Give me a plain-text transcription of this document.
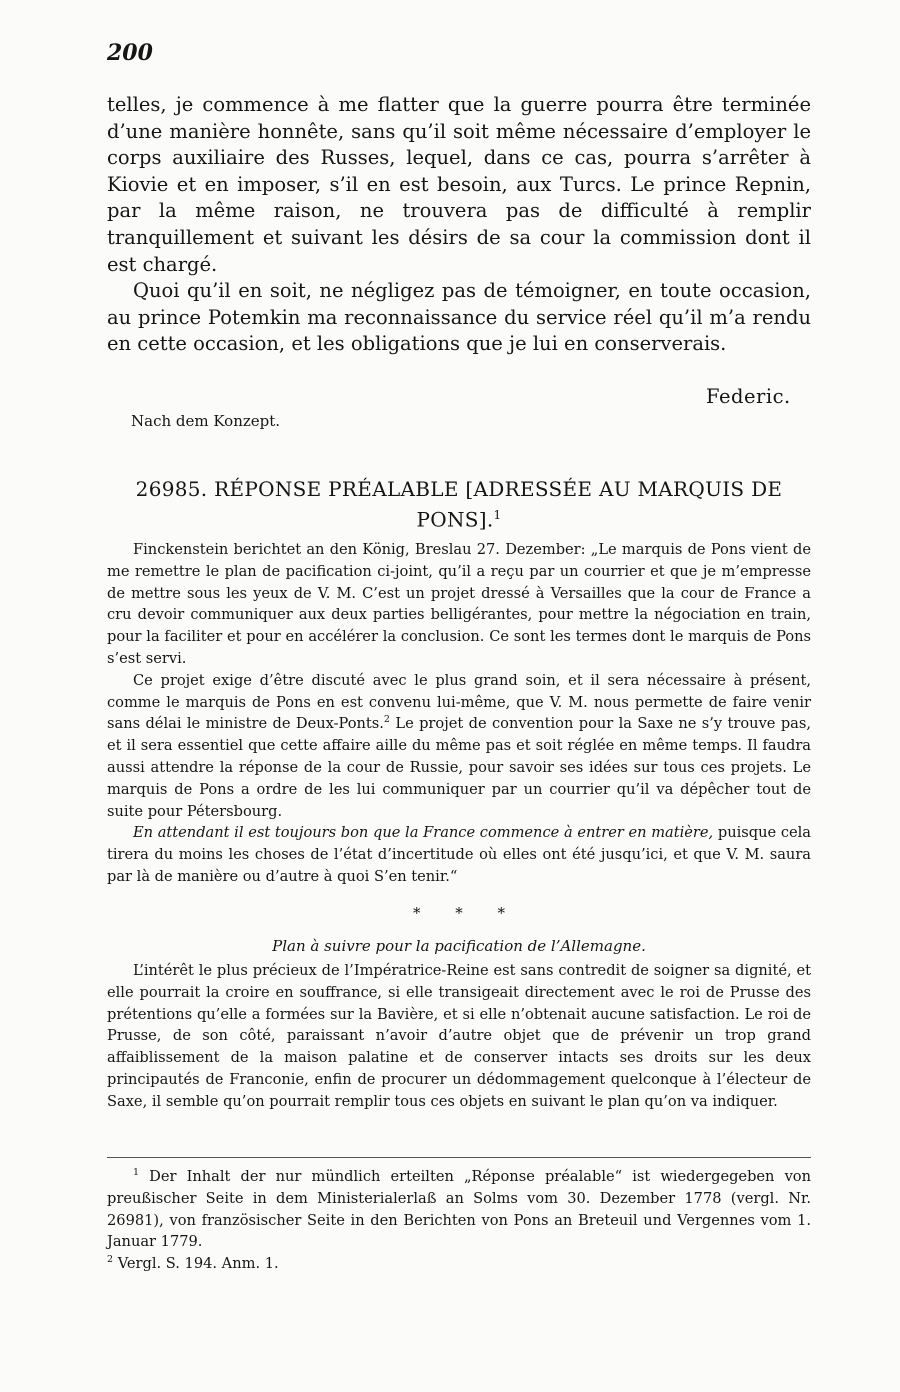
200

telles, je commence à me flatter que la guerre pourra être terminée d’une manière honnête, sans qu’il soit même nécessaire d’employer le corps auxiliaire des Russes, lequel, dans ce cas, pourra s’arrêter à Kiovie et en imposer, s’il en est besoin, aux Turcs. Le prince Repnin, par la même raison, ne trouvera pas de difficulté à remplir tranquillement et suivant les désirs de sa cour la commission dont il est chargé.

Quoi qu’il en soit, ne négligez pas de témoigner, en toute occasion, au prince Potemkin ma reconnaissance du service réel qu’il m’a rendu en cette occasion, et les obligations que je lui en conserverais.

Federic.
Nach dem Konzept.
26985. RÉPONSE PRÉALABLE [ADRESSÉE AU MARQUIS DE PONS].$^1$

Finckenstein berichtet an den König, Breslau 27. Dezember: „Le marquis de Pons vient de me remettre le plan de pacification ci-joint, qu’il a reçu par un courrier et que je m’empresse de mettre sous les yeux de V. M. C’est un projet dressé à Versailles que la cour de France a cru devoir communiquer aux deux parties belligérantes, pour mettre la négociation en train, pour la faciliter et pour en accélérer la conclusion. Ce sont les termes dont le marquis de Pons s’est servi.

Ce projet exige d’être discuté avec le plus grand soin, et il sera nécessaire à présent, comme le marquis de Pons en est convenu lui-même, que V. M. nous permette de faire venir sans délai le ministre de Deux-Ponts.$^2$ Le projet de convention pour la Saxe ne s’y trouve pas, et il sera essentiel que cette affaire aille du même pas et soit réglée en même temps. Il faudra aussi attendre la réponse de la cour de Russie, pour savoir ses idées sur tous ces projets. Le marquis de Pons a ordre de les lui communiquer par un courrier qu’il va dépêcher tout de suite pour Pétersbourg.

En attendant il est toujours bon que la France commence à entrer en matière, puisque cela tirera du moins les choses de l’état d’incertitude où elles ont été jusqu’ici, et que V. M. saura par là de manière ou d’autre à quoi S’en tenir.“

* * *
Plan à suivre pour la pacification de l’Allemagne.

L’intérêt le plus précieux de l’Impératrice-Reine est sans contredit de soigner sa dignité, et elle pourrait la croire en souffrance, si elle transigeait directement avec le roi de Prusse des prétentions qu’elle a formées sur la Bavière, et si elle n’obtenait aucune satisfaction. Le roi de Prusse, de son côté, paraissant n’avoir d’autre objet que de prévenir un trop grand affaiblissement de la maison palatine et de conserver intacts ses droits sur les deux principautés de Franconie, enfin de procurer un dédommagement quelconque à l’électeur de Saxe, il semble qu’on pourrait remplir tous ces objets en suivant le plan qu’on va indiquer.

$^1$ Der Inhalt der nur mündlich erteilten „Réponse préalable“ ist wiedergegeben von preußischer Seite in dem Ministerialerlaß an Solms vom 30. Dezember 1778 (vergl. Nr. 26981), von französischer Seite in den Berichten von Pons an Breteuil und Vergennes vom 1. Januar 1779.

$^2$ Vergl. S. 194. Anm. 1.
